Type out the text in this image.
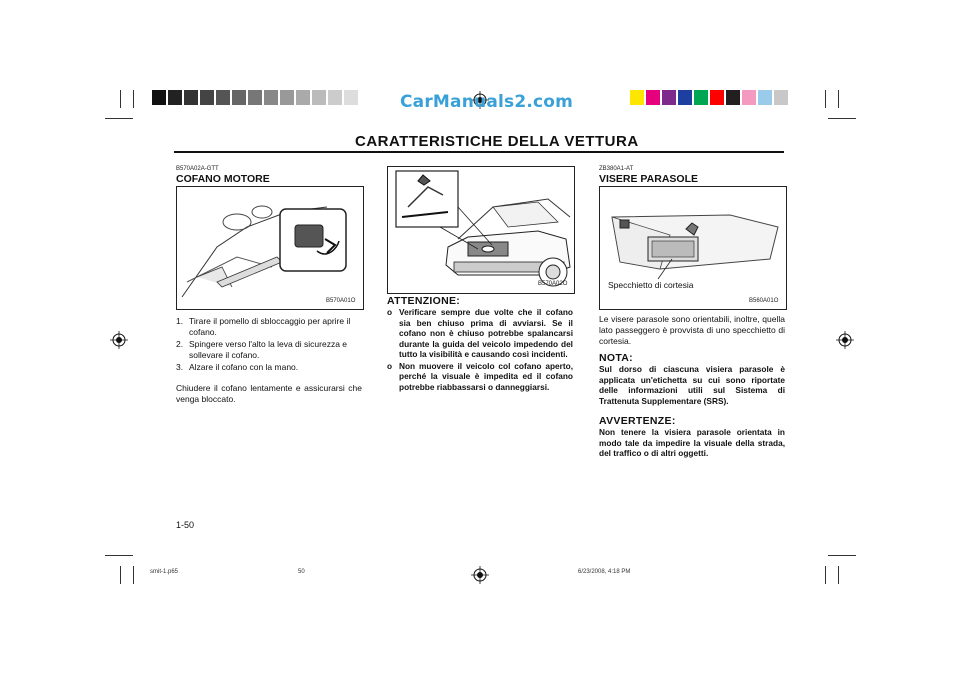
CarManuals2.com
CARATTERISTICHE DELLA VETTURA
B570A02A-GTT
COFANO MOTORE
B570A01O
1. Tirare il pomello di sbloccaggio per aprire il cofano.
2. Spingere verso l'alto la leva di sicurezza e sollevare il cofano.
3. Alzare il cofano con la mano.
Chiudere il cofano lentamente e assicurarsi che venga bloccato.
B570A02O
ATTENZIONE:
o Verificare sempre due volte che il cofano sia ben chiuso prima di avviarsi. Se il cofano non è chiuso potrebbe spalancarsi durante la guida del veicolo impedendo del tutto la visibilità e causando così incidenti.
o Non muovere il veicolo col cofano aperto, perché la visuale è impedita ed il cofano potrebbe riabbassarsi o danneggiarsi.
ZB380A1-AT
VISERE PARASOLE
Specchietto di cortesia
B560A01O
Le visere parasole sono orientabili, inoltre, quella lato passeggero è provvista di uno specchietto di cortesia.
NOTA:
Sul dorso di ciascuna visiera parasole è applicata un'etichetta su cui sono riportate delle informazioni utili sul Sistema di Trattenuta Supplementare (SRS).
AVVERTENZE:
Non tenere la visiera parasole orientata in modo tale da impedire la visuale della strada, del traffico o di altri oggetti.
1-50
smit-1.p65	50	6/23/2008, 4:18 PM
